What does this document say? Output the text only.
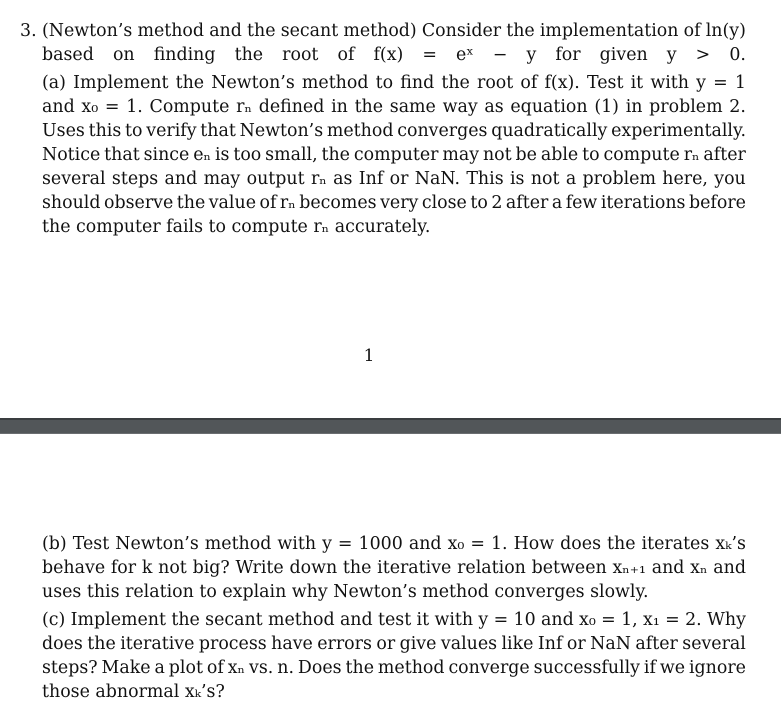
3. (Newton’s method and the secant method) Consider the implementation of ln(y)
based on finding the root of f(x) = eˣ − y for given y > 0.
(a) Implement the Newton’s method to find the root of f(x). Test it with y = 1
and x₀ = 1. Compute rₙ defined in the same way as equation (1) in problem 2.
Uses this to verify that Newton’s method converges quadratically experimentally.
Notice that since eₙ is too small, the computer may not be able to compute rₙ after
several steps and may output rₙ as Inf or NaN. This is not a problem here, you
should observe the value of rₙ becomes very close to 2 after a few iterations before
the computer fails to compute rₙ accurately.
1
(b) Test Newton’s method with y = 1000 and x₀ = 1. How does the iterates xₖ’s
behave for k not big? Write down the iterative relation between xₙ₊₁ and xₙ and
uses this relation to explain why Newton’s method converges slowly.
(c) Implement the secant method and test it with y = 10 and x₀ = 1, x₁ = 2. Why
does the iterative process have errors or give values like Inf or NaN after several
steps? Make a plot of xₙ vs. n. Does the method converge successfully if we ignore
those abnormal xₖ’s?
